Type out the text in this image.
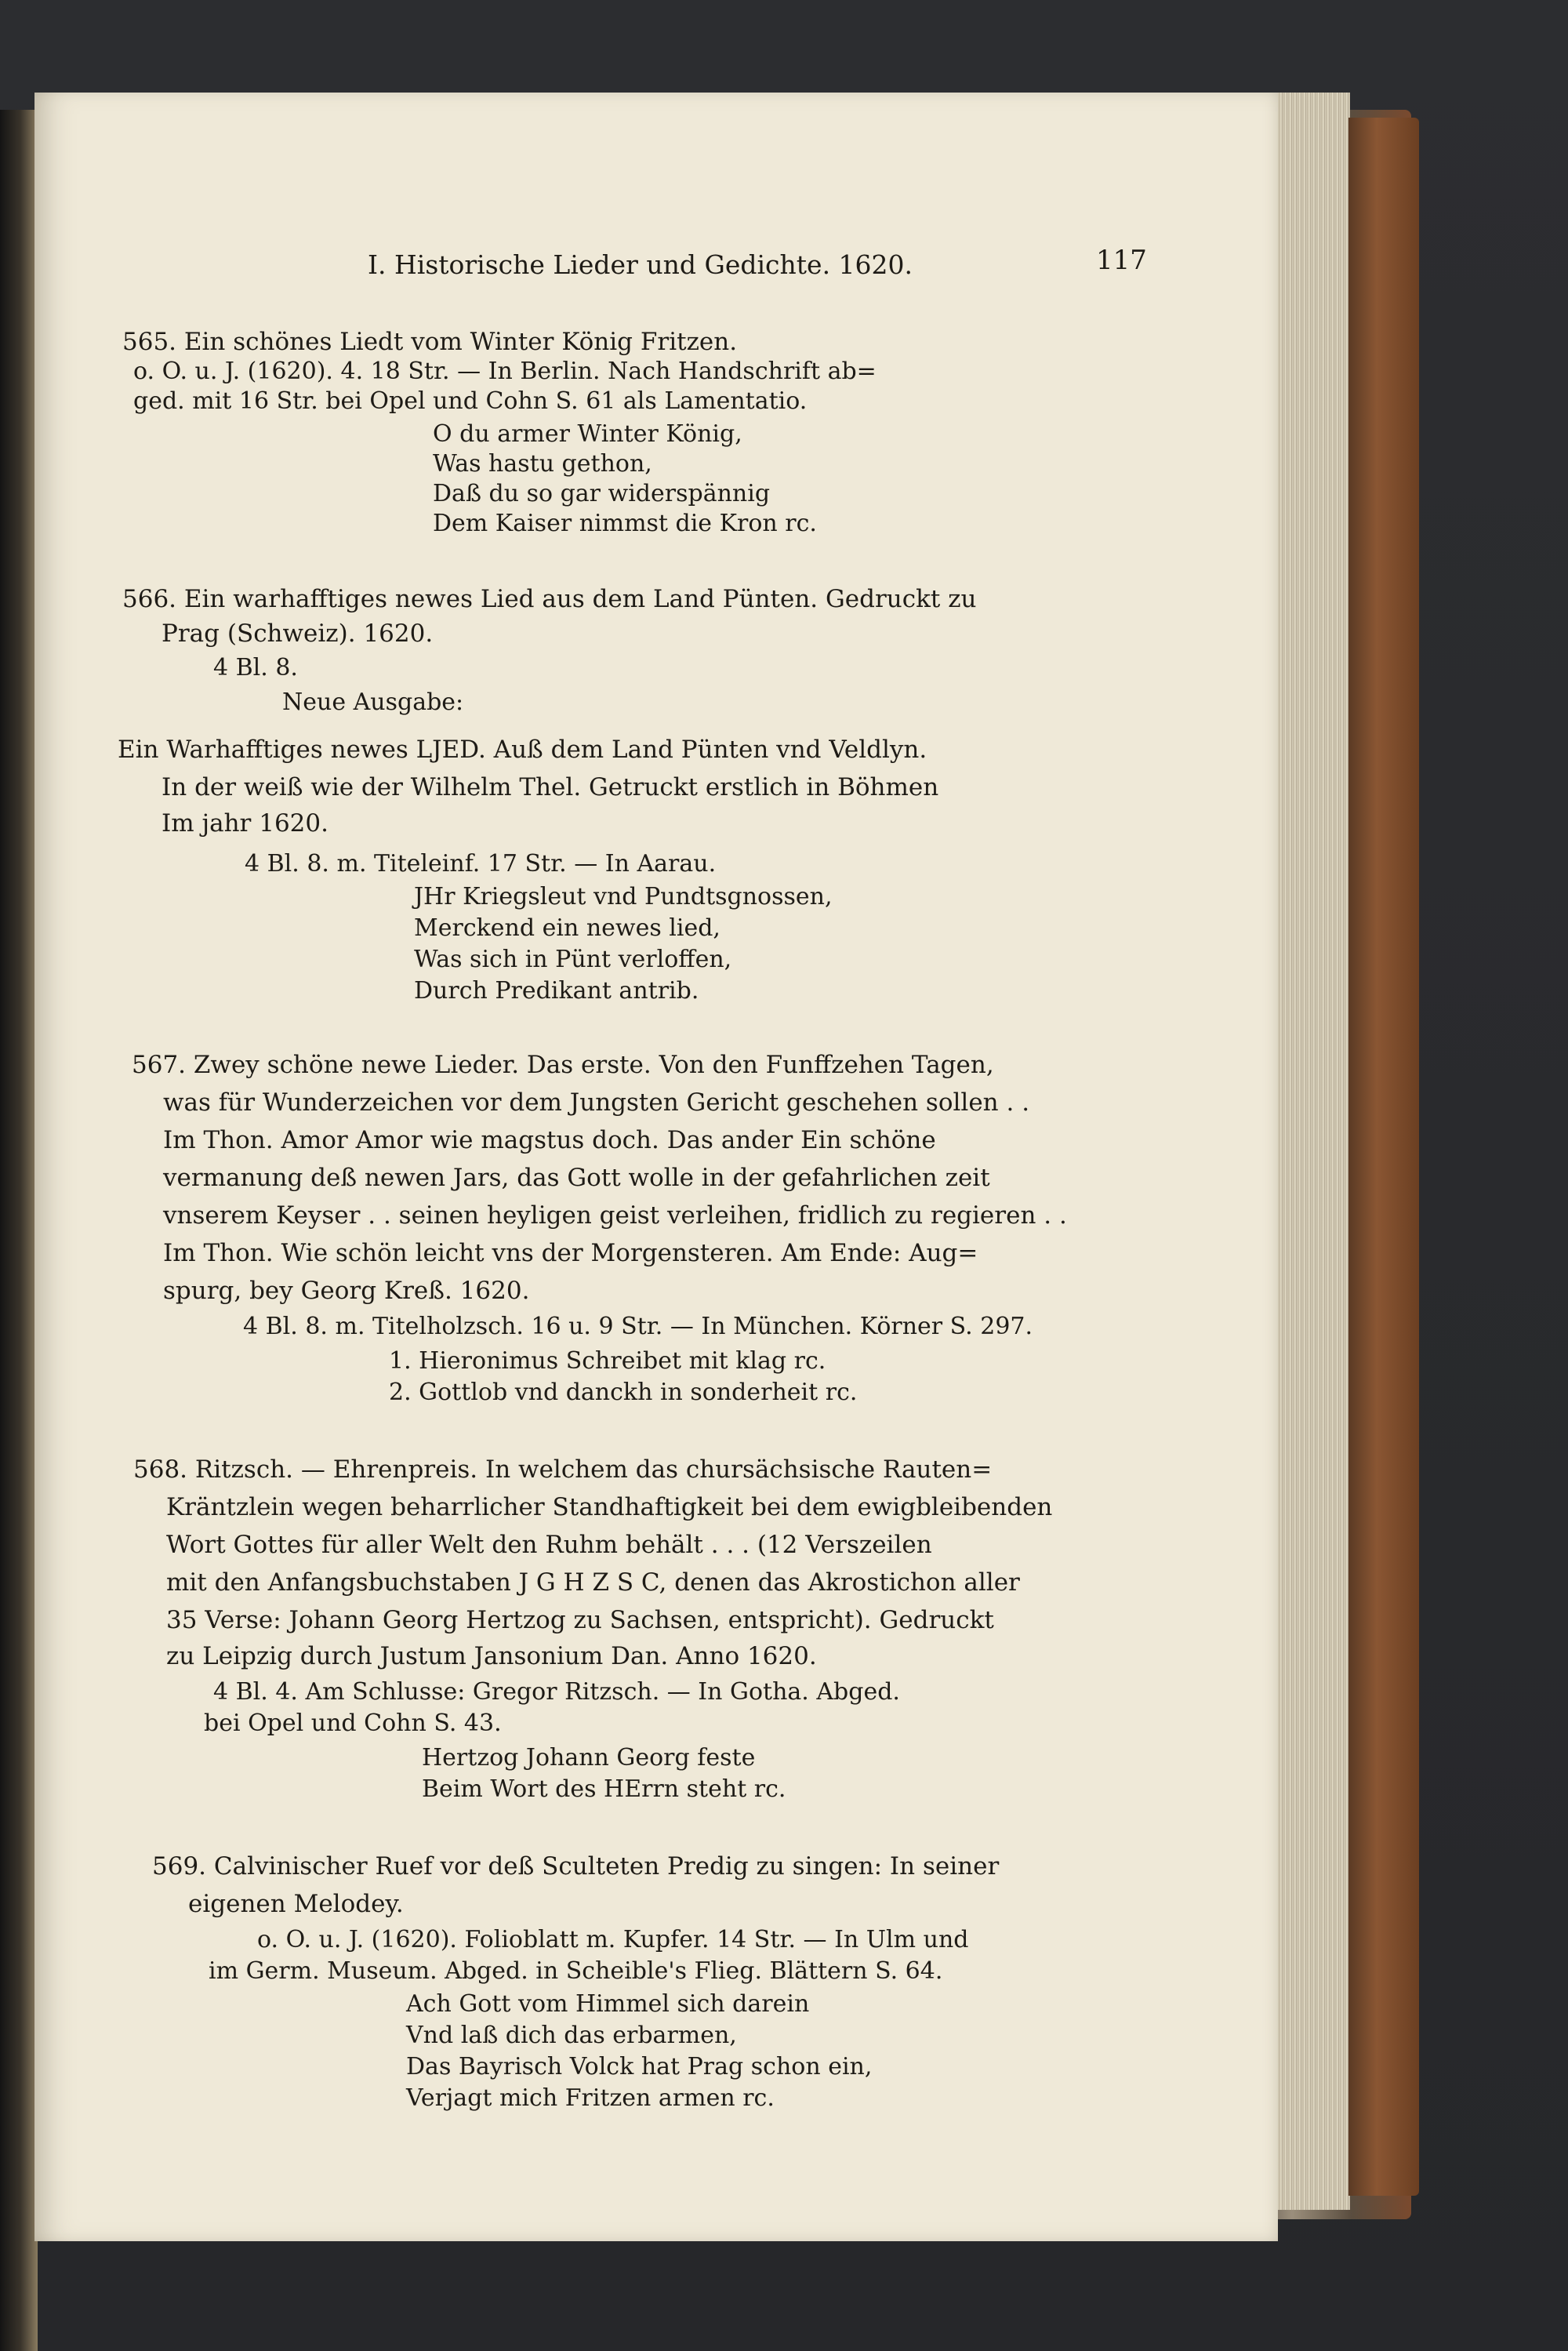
I. Historische Lieder und Gedichte. 1620.	117
565. Ein schönes Liedt vom Winter König Fritzen.
o. O. u. J. (1620). 4. 18 Str. — In Berlin. Nach Handschrift ab=
ged. mit 16 Str. bei Opel und Cohn S. 61 als Lamentatio.
O du armer Winter König,
Was hastu gethon,
Daß du so gar widerspännig
Dem Kaiser nimmst die Kron rc.
566. Ein warhafftiges newes Lied aus dem Land Pünten. Gedruckt zu
Prag (Schweiz). 1620.
4 Bl. 8.
Neue Ausgabe:
Ein Warhafftiges newes LJED. Auß dem Land Pünten vnd Veldlyn.
In der weiß wie der Wilhelm Thel. Getruckt erstlich in Böhmen
Im jahr 1620.
4 Bl. 8. m. Titeleinf. 17 Str. — In Aarau.
JHr Kriegsleut vnd Pundtsgnossen,
Merckend ein newes lied,
Was sich in Pünt verloffen,
Durch Predikant antrib.
567. Zwey schöne newe Lieder. Das erste. Von den Funffzehen Tagen,
was für Wunderzeichen vor dem Jungsten Gericht geschehen sollen . .
Im Thon. Amor Amor wie magstus doch. Das ander Ein schöne
vermanung deß newen Jars, das Gott wolle in der gefahrlichen zeit
vnserem Keyser . . seinen heyligen geist verleihen, fridlich zu regieren . .
Im Thon. Wie schön leicht vns der Morgensteren. Am Ende: Aug=
spurg, bey Georg Kreß. 1620.
4 Bl. 8. m. Titelholzsch. 16 u. 9 Str. — In München. Körner S. 297.
1. Hieronimus Schreibet mit klag rc.
2. Gottlob vnd danckh in sonderheit rc.
568. Ritzsch. — Ehrenpreis. In welchem das chursächsische Rauten=
Kräntzlein wegen beharrlicher Standhaftigkeit bei dem ewigbleibenden
Wort Gottes für aller Welt den Ruhm behält . . . (12 Verszeilen
mit den Anfangsbuchstaben J G H Z S C, denen das Akrostichon aller
35 Verse: Johann Georg Hertzog zu Sachsen, entspricht). Gedruckt
zu Leipzig durch Justum Jansonium Dan. Anno 1620.
4 Bl. 4. Am Schlusse: Gregor Ritzsch. — In Gotha. Abged.
bei Opel und Cohn S. 43.
Hertzog Johann Georg feste
Beim Wort des HErrn steht rc.
569. Calvinischer Ruef vor deß Sculteten Predig zu singen: In seiner
eigenen Melodey.
o. O. u. J. (1620). Folioblatt m. Kupfer. 14 Str. — In Ulm und
im Germ. Museum. Abged. in Scheible's Flieg. Blättern S. 64.
Ach Gott vom Himmel sich darein
Vnd laß dich das erbarmen,
Das Bayrisch Volck hat Prag schon ein,
Verjagt mich Fritzen armen rc.
